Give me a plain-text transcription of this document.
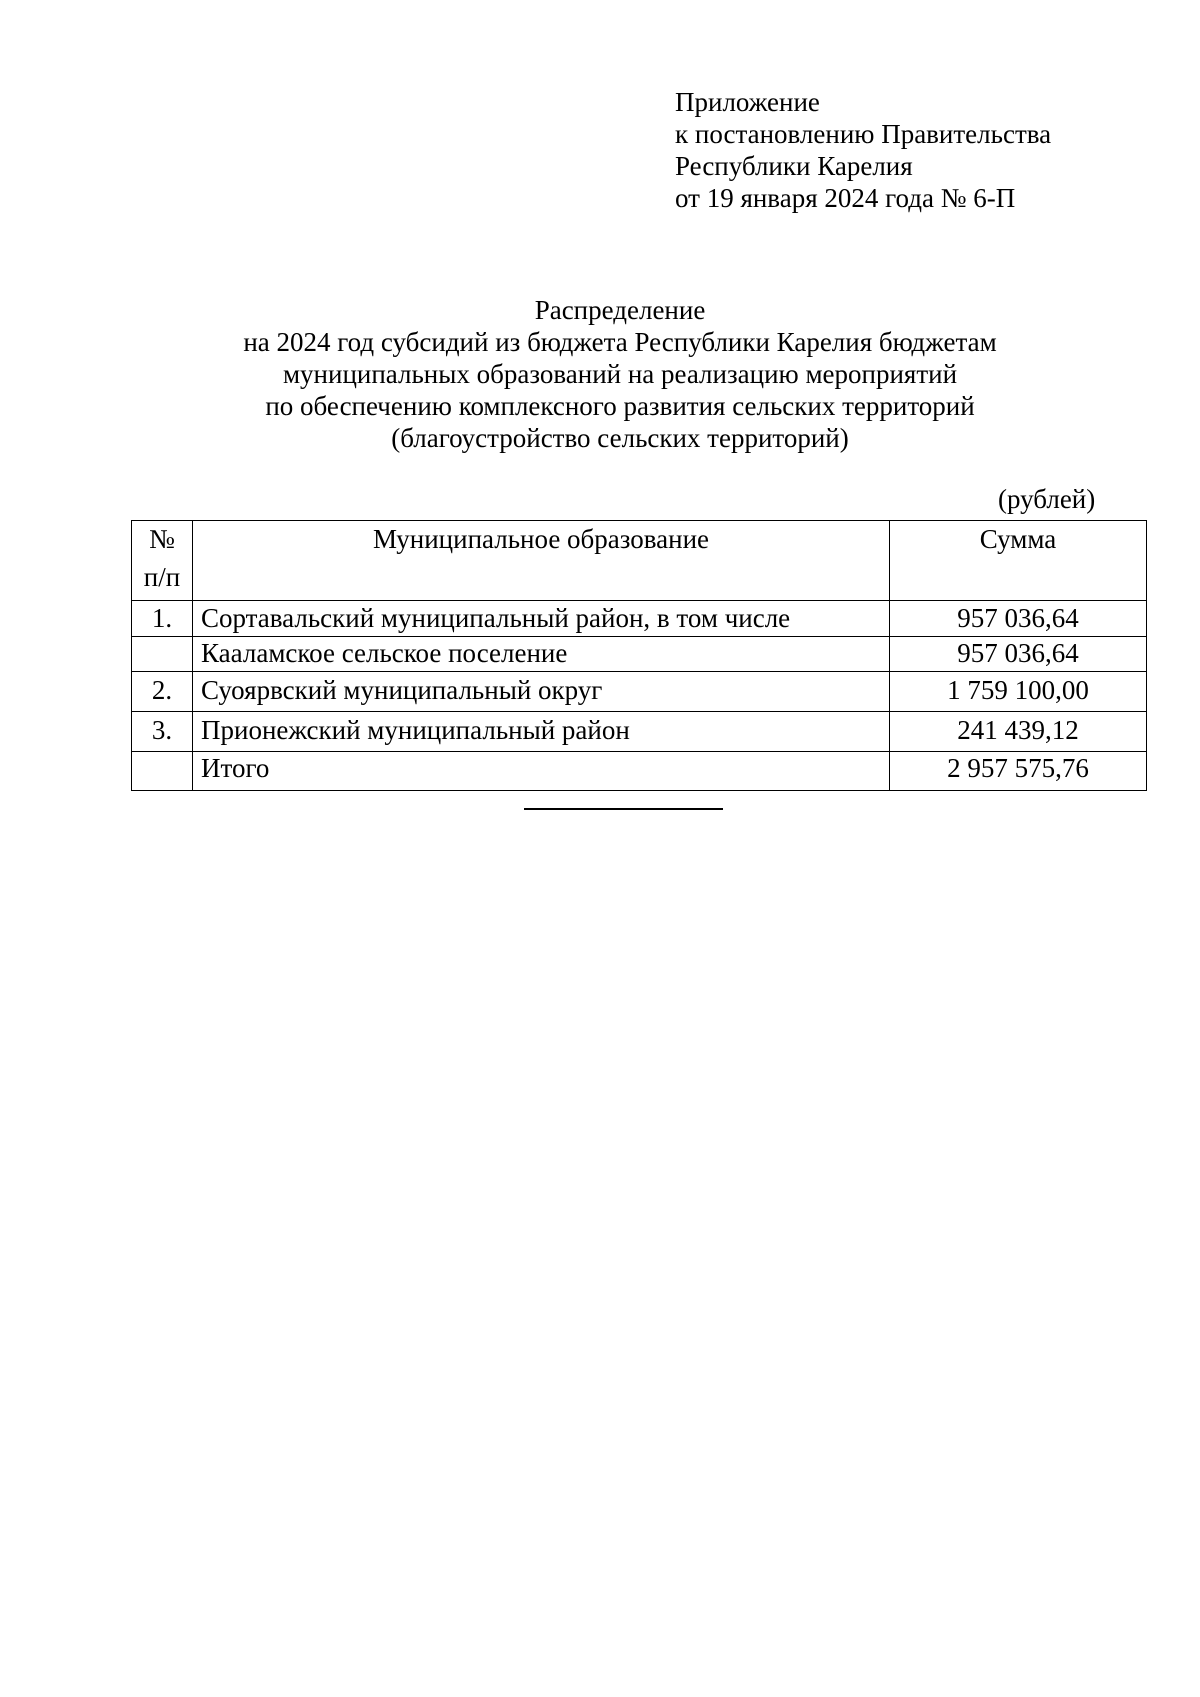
Приложение
к постановлению Правительства
Республики Карелия
от 19 января 2024 года № 6-П
Распределение
на 2024 год субсидий из бюджета Республики Карелия бюджетам
муниципальных образований на реализацию мероприятий
по обеспечению комплексного развития сельских территорий
(благоустройство сельских территорий)
(рублей)
№
п/п	Муниципальное образование	Сумма
1.	Сортавальский муниципальный район, в том числе	957 036,64
	Кааламское сельское поселение	957 036,64
2.	Суоярвский муниципальный округ	1 759 100,00
3.	Прионежский муниципальный район	241 439,12
	Итого	2 957 575,76
